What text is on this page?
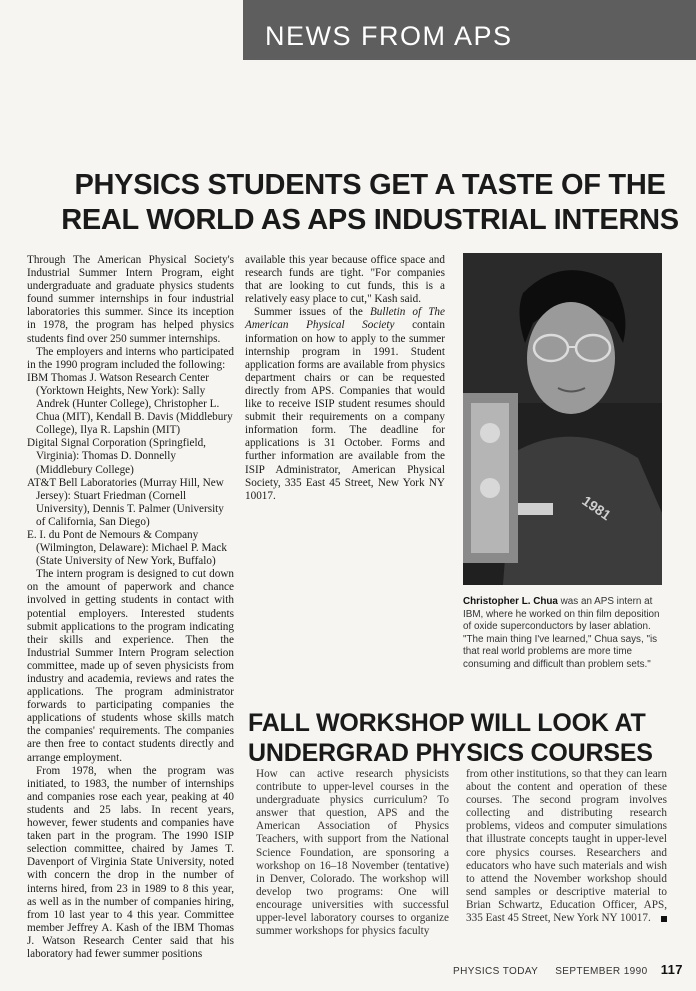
NEWS FROM APS
PHYSICS STUDENTS GET A TASTE OF THE REAL WORLD AS APS INDUSTRIAL INTERNS

Through The American Physical Society's Industrial Summer Intern Program, eight undergraduate and graduate physics students found summer internships in four industrial laboratories this summer. Since its inception in 1978, the program has helped physics students find over 250 summer internships.

The employers and interns who participated in the 1990 program included the following:

IBM Thomas J. Watson Research Center (Yorktown Heights, New York): Sally Andrek (Hunter College), Christopher L. Chua (MIT), Kendall B. Davis (Middlebury College), Ilya R. Lapshin (MIT)
Digital Signal Corporation (Springfield, Virginia): Thomas D. Donnelly (Middlebury College)
AT&T Bell Laboratories (Murray Hill, New Jersey): Stuart Friedman (Cornell University), Dennis T. Palmer (University of California, San Diego)
E. I. du Pont de Nemours & Company (Wilmington, Delaware): Michael P. Mack (State University of New York, Buffalo)

The intern program is designed to cut down on the amount of paperwork and chance involved in getting students in contact with potential employers. Interested students submit applications to the program indicating their skills and experience. Then the Industrial Summer Intern Program selection committee, made up of seven physicists from industry and academia, reviews and rates the applications. The program administrator forwards to participating companies the applications of students whose skills match the companies' requirements. The companies are then free to contact students directly and arrange employment.

From 1978, when the program was initiated, to 1983, the number of internships and companies rose each year, peaking at 40 students and 25 labs. In recent years, however, fewer students and companies have taken part in the program. The 1990 ISIP selection committee, chaired by James T. Davenport of Virginia State University, noted with concern the drop in the number of interns hired, from 23 in 1989 to 8 this year, as well as in the number of companies hiring, from 10 last year to 4 this year. Committee member Jeffrey A. Kash of the IBM Thomas J. Watson Research Center said that his laboratory had fewer summer positions

available this year because office space and research funds are tight. "For companies that are looking to cut funds, this is a relatively easy place to cut," Kash said.

Summer issues of the Bulletin of The American Physical Society contain information on how to apply to the summer internship program in 1991. Student application forms are available from physics department chairs or can be requested directly from APS. Companies that would like to receive ISIP student resumes should submit their requirements on a company information form. The deadline for applications is 31 October. Forms and further information are available from the ISIP Administrator, American Physical Society, 335 East 45 Street, New York NY 10017.	1981

Christopher L. Chua was an APS intern at IBM, where he worked on thin film deposition of oxide superconductors by laser ablation. "The main thing I've learned," Chua says, "is that real world problems are more time consuming and difficult than problem sets."

FALL WORKSHOP WILL LOOK AT UNDERGRAD PHYSICS COURSES

How can active research physicists contribute to upper-level courses in the undergraduate physics curriculum? To answer that question, APS and the American Association of Physics Teachers, with support from the National Science Foundation, are sponsoring a workshop on 16–18 November (tentative) in Denver, Colorado. The workshop will develop two programs: One will encourage universities with successful upper-level laboratory courses to organize summer workshops for physics faculty

from other institutions, so that they can learn about the content and operation of these courses. The second program involves collecting and distributing research problems, videos and computer simulations that illustrate concepts taught in upper-level core physics courses. Researchers and educators who have such materials and wish to attend the November workshop should send samples or descriptive material to Brian Schwartz, Education Officer, APS, 335 East 45 Street, New York NY 10017.

PHYSICS TODAY SEPTEMBER 1990 117
